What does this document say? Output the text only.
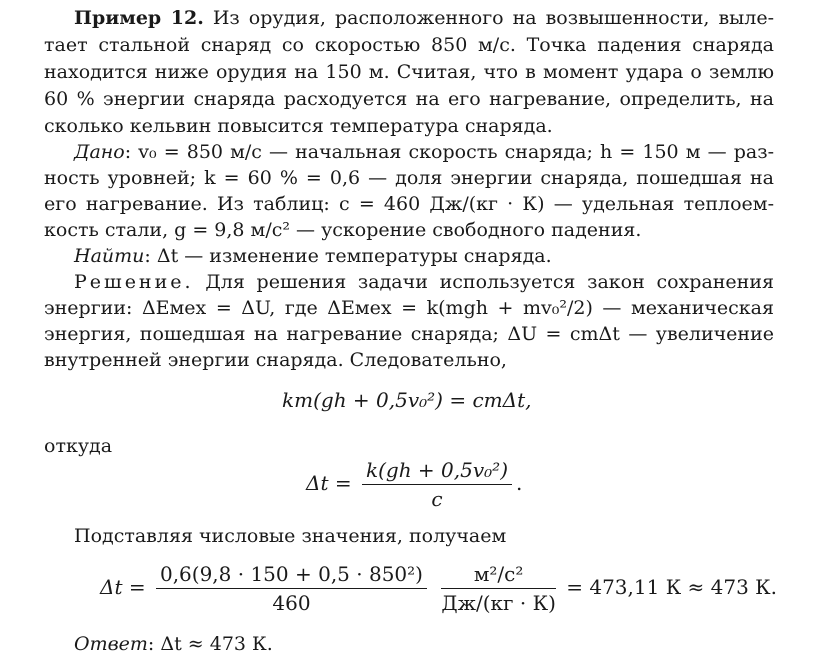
Пример 12. Из орудия, расположенного на возвышенности, выле-
тает стальной снаряд со скоростью 850 м/с. Точка падения снаряда
находится ниже орудия на 150 м. Считая, что в момент удара о землю
60 % энергии снаряда расходуется на его нагревание, определить, на
сколько кельвин повысится температура снаряда.
Дано: v₀ = 850 м/с — начальная скорость снаряда; h = 150 м — раз-
ность уровней; k = 60 % = 0,6 — доля энергии снаряда, пошедшая на
его нагревание. Из таблиц: c = 460 Дж/(кг · К) — удельная теплоем-
кость стали, g = 9,8 м/с² — ускорение свободного падения.
Найти: Δt — изменение температуры снаряда.
Решение. Для решения задачи используется закон сохранения
энергии: ΔEмех = ΔU, где ΔEмех = k(mgh + mv₀²/2) — механическая
энергия, пошедшая на нагревание снаряда; ΔU = cmΔt — увеличение
внутренней энергии снаряда. Следовательно,
km(gh + 0,5v₀²) = cmΔt,
откуда
$\Delta t = \frac{\text{k(gh + 0,5v₀²)}}{c}$ .
Подставляя числовые значения, получаем
$\Delta t = \frac{\text{0,6(9,8 · 150 + 0,5 · 850²)}}{460}$
$\frac{\text{м²/с²}}{Дж/(кг \cdot К)} = 473,11$ К ≈ 473 К.
Ответ: Δt ≈ 473 К.
